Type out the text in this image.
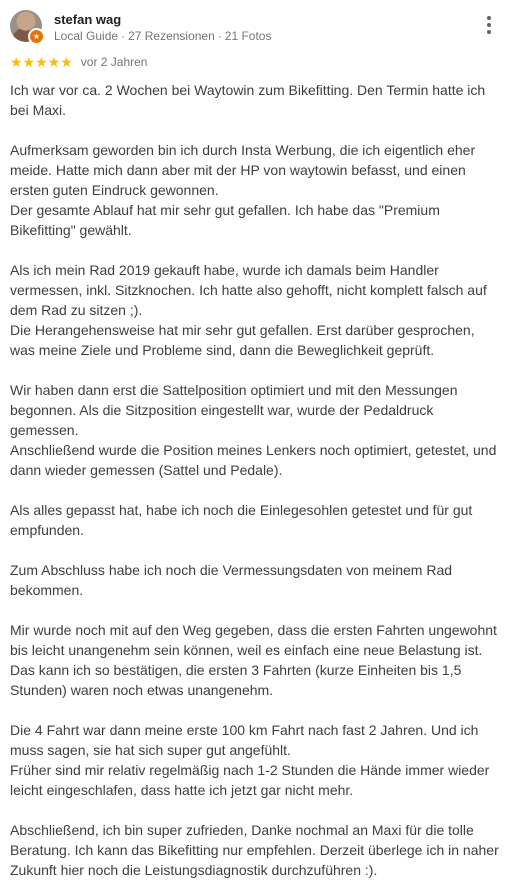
★
stefan wag
Local Guide · 27 Rezensionen · 21 Fotos
★★★★★ vor 2 Jahren

Ich war vor ca. 2 Wochen bei Waytowin zum Bikefitting. Den Termin hatte ich bei Maxi.

Aufmerksam geworden bin ich durch Insta Werbung, die ich eigentlich eher meide. Hatte mich dann aber mit der HP von waytowin befasst, und einen ersten guten Eindruck gewonnen.
Der gesamte Ablauf hat mir sehr gut gefallen. Ich habe das "Premium Bikefitting" gewählt.

Als ich mein Rad 2019 gekauft habe, wurde ich damals beim Handler vermessen, inkl. Sitzknochen. Ich hatte also gehofft, nicht komplett falsch auf dem Rad zu sitzen ;).
Die Herangehensweise hat mir sehr gut gefallen. Erst darüber gesprochen, was meine Ziele und Probleme sind, dann die Beweglichkeit geprüft.

Wir haben dann erst die Sattelposition optimiert und mit den Messungen begonnen. Als die Sitzposition eingestellt war, wurde der Pedaldruck gemessen.
Anschließend wurde die Position meines Lenkers noch optimiert, getestet, und dann wieder gemessen (Sattel und Pedale).

Als alles gepasst hat, habe ich noch die Einlegesohlen getestet und für gut empfunden.

Zum Abschluss habe ich noch die Vermessungsdaten von meinem Rad bekommen.

Mir wurde noch mit auf den Weg gegeben, dass die ersten Fahrten ungewohnt bis leicht unangenehm sein können, weil es einfach eine neue Belastung ist.
Das kann ich so bestätigen, die ersten 3 Fahrten (kurze Einheiten bis 1,5 Stunden) waren noch etwas unangenehm.

Die 4 Fahrt war dann meine erste 100 km Fahrt nach fast 2 Jahren. Und ich muss sagen, sie hat sich super gut angefühlt.
Früher sind mir relativ regelmäßig nach 1-2 Stunden die Hände immer wieder leicht eingeschlafen, dass hatte ich jetzt gar nicht mehr.

Abschließend, ich bin super zufrieden, Danke nochmal an Maxi für die tolle Beratung. Ich kann das Bikefitting nur empfehlen. Derzeit überlege ich in naher Zukunft hier noch die Leistungsdiagnostik durchzuführen :).
